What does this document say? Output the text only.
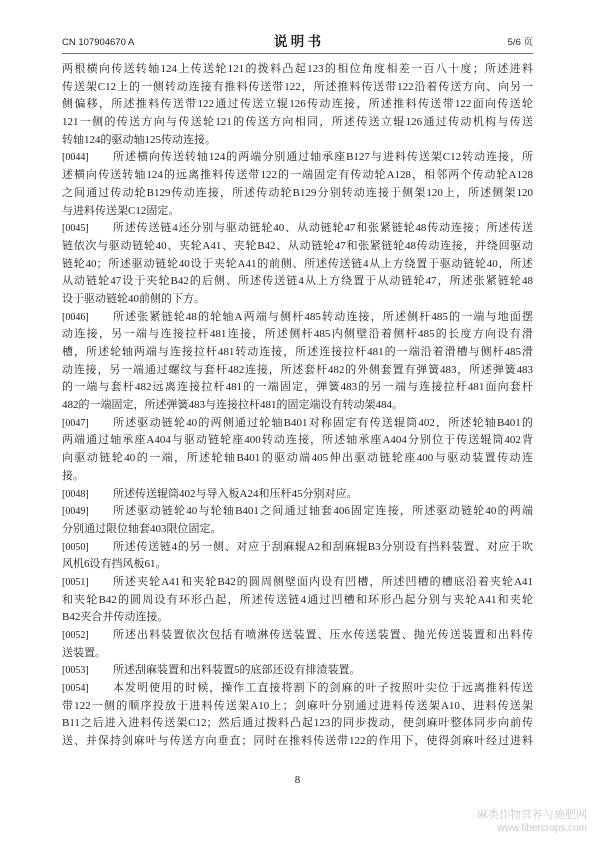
CN 107904670 A	说 明 书	5/6 页
两根横向传送转轴124上传送轮121的拨料凸起123的相位角度相差一百八十度；所述进料
传送架C12上的一侧转动连接有推料传送带122，所述推料传送带122沿着传送方向、向另一
侧偏移，所述推料传送带122通过传送立辊126传动连接，所述推料传送带122面向传送轮
121一侧的传送方向与传送轮121的传送方向相同，所述传送立辊126通过传动机构与传送
转轴124的驱动轴125传动连接。
[0044]	所述横向传送转轴124的两端分别通过轴承座B127与进料传送架C12转动连接，所
述横向传送转轴124的远离推料传送带122的一端固定有传动轮A128，相邻两个传动轮A128
之间通过传动轮B129传动连接，所述传动轮B129分别转动连接于侧架120上，所述侧架120
与进料传送架C12固定。
[0045]	所述传送链4还分别与驱动链轮40、从动链轮47和张紧链轮48传动连接；所述传送
链依次与驱动链轮40、夹轮A41、夹轮B42、从动链轮47和张紧链轮48传动连接，并绕回驱动
链轮40；所述驱动链轮40设于夹轮A41的前侧、所述传送链4从上方绕置于驱动链轮40，所述
从动链轮47设于夹轮B42的后侧、所述传送链4从上方绕置于从动链轮47，所述张紧链轮48
设于驱动链轮40前侧的下方。
[0046]	所述张紧链轮48的轮轴A两端与侧杆485转动连接，所述侧杆485的一端与地面摆
动连接，另一端与连接拉杆481连接，所述侧杆485内侧壁沿着侧杆485的长度方向设有滑
槽，所述轮轴两端与连接拉杆481转动连接，所述连接拉杆481的一端沿着滑槽与侧杆485滑
动连接，另一端通过螺纹与套杆482连接，所述套杆482的外侧套置有弹簧483，所述弹簧483
的一端与套杆482远离连接拉杆481的一端固定，弹簧483的另一端与连接拉杆481面向套杆
482的一端固定，所述弹簧483与连接拉杆481的固定端设有转动架484。
[0047]	所述驱动链轮40的两侧通过轮轴B401对称固定有传送辊筒402，所述轮轴B401的
两端通过轴承座A404与驱动链轮座400转动连接，所述轴承座A404分别位于传送辊筒402背
向驱动链轮40的一端，所述轮轴B401的驱动端405伸出驱动链轮座400与驱动装置传动连
接。
[0048]	所述传送辊筒402与导入板A24和压杆45分别对应。
[0049]	所述驱动链轮40与轮轴B401之间通过轴套406固定连接，所述驱动链轮40的两端
分别通过限位轴套403限位固定。
[0050]	所述传送链4的另一侧、对应于刮麻辊A2和刮麻辊B3分别设有挡料装置、对应于吹
风机6设有挡风板61。
[0051]	所述夹轮A41和夹轮B42的圆周侧壁面内设有凹槽，所述凹槽的槽底沿着夹轮A41
和夹轮B42的圆周设有环形凸起，所述传送链4通过凹槽和环形凸起分别与夹轮A41和夹轮
B42夹合并传动连接。
[0052]	所述出料装置依次包括有喷淋传送装置、压水传送装置、抛光传送装置和出料传
送装置。
[0053]	所述刮麻装置和出料装置5的底部还设有排渣装置。
[0054]	本发明使用的时候，操作工直接将割下的剑麻的叶子按照叶尖位于远离推料传送
带122一侧的顺序投放于进料传送架A10上；剑麻叶分别通过进料传送架A10、进料传送架
B11之后进入进料传送架C12；然后通过拨料凸起123的同步拨动，使剑麻叶整体同步向前传
送、并保持剑麻叶与传送方向垂直；同时在推料传送带122的作用下，使得剑麻叶经过进料
8
麻类作物营养与施肥网
www.fibercrops.com
